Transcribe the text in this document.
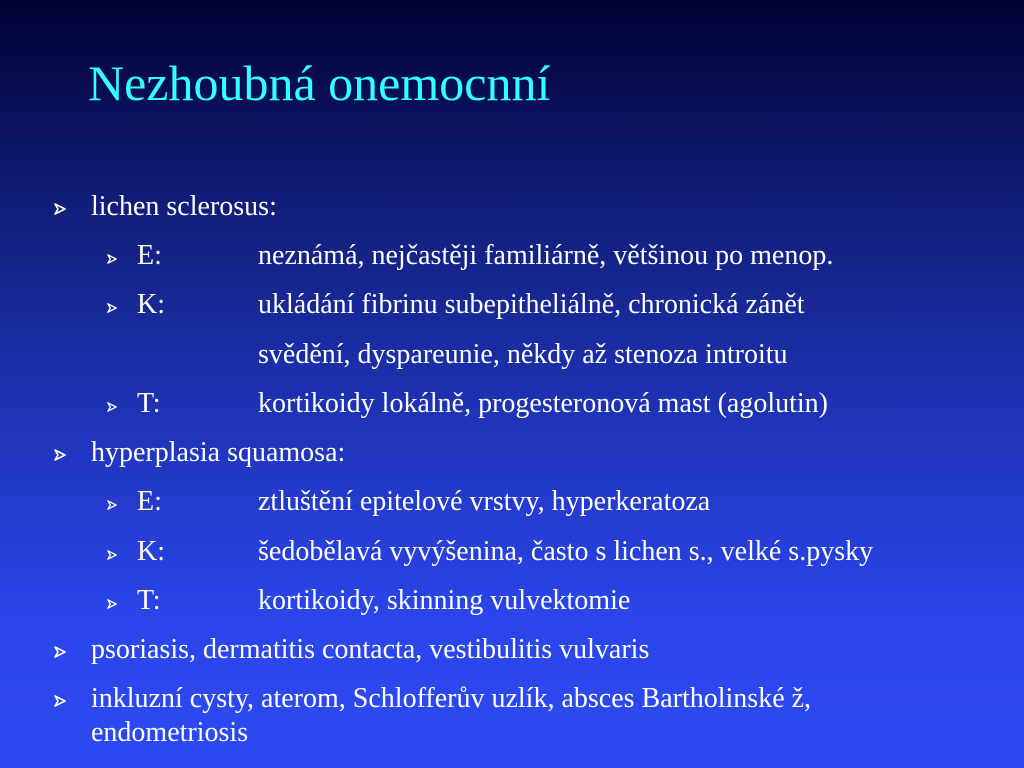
Nezhoubná onemocnní
lichen sclerosus:
E:	neznámá, nejčastěji familiárně, většinou po menop.
K:	ukládání fibrinu subepitheliálně, chronická zánět
svědění, dyspareunie, někdy až stenoza introitu
T:	kortikoidy lokálně, progesteronová mast (agolutin)
hyperplasia squamosa:
E:	ztluštění epitelové vrstvy, hyperkeratoza
K:	šedobělavá vyvýšenina, často s lichen s., velké s.pysky
T:	kortikoidy, skinning vulvektomie
psoriasis, dermatitis contacta, vestibulitis vulvaris
inkluzní cysty, aterom, Schlofferův uzlík, absces Bartholinské ž,
endometriosis
